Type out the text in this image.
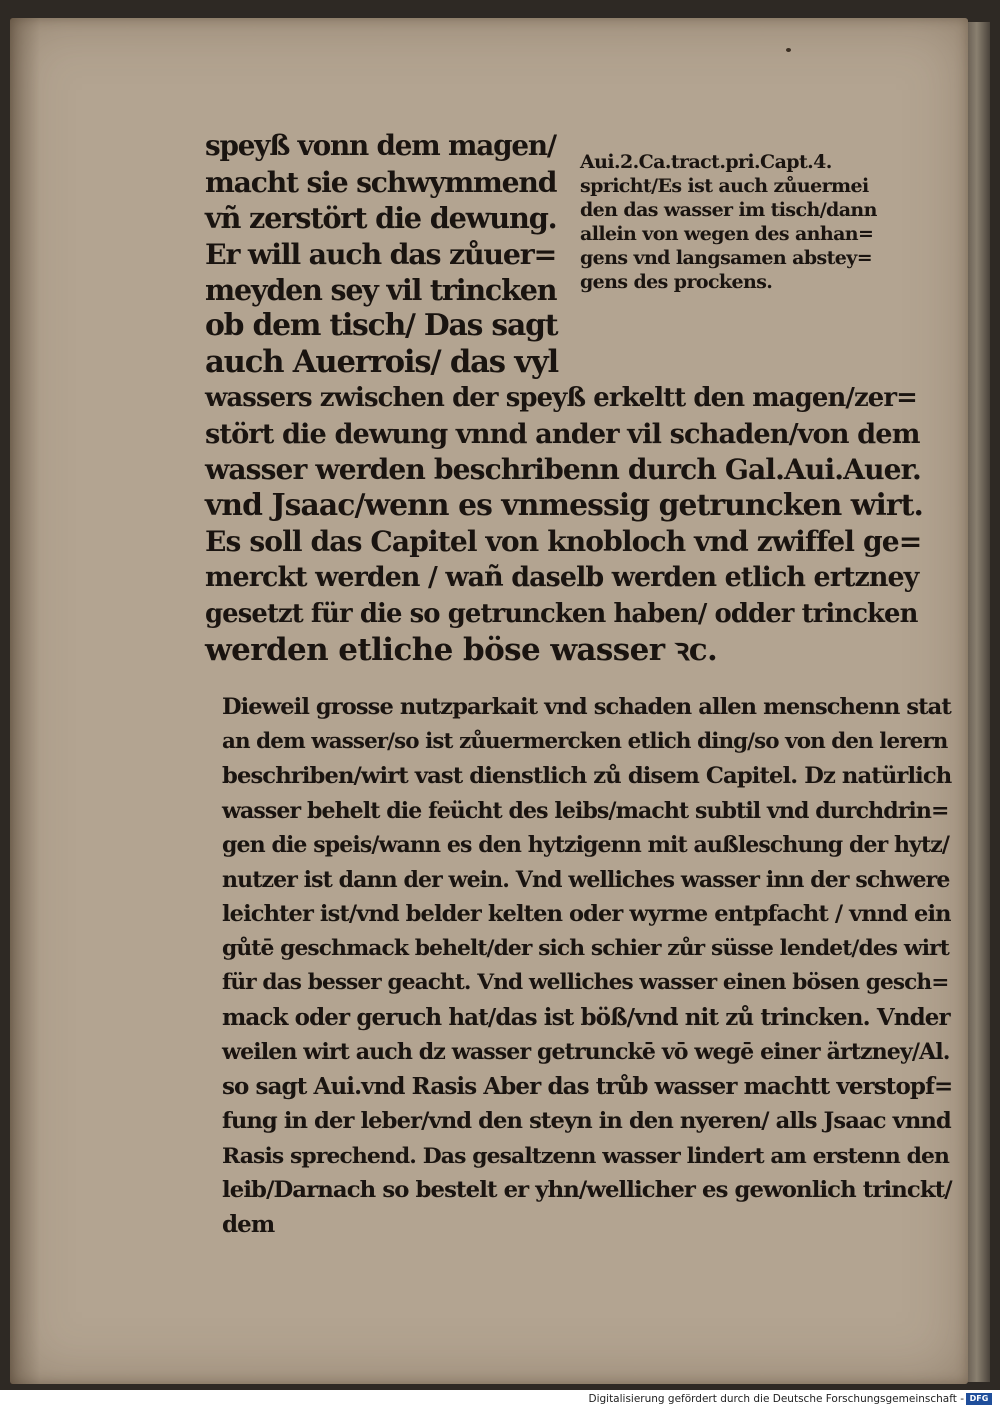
speyß vonn dem magen/
macht sie schwymmend
vñ zerstört die dewung.
Er will auch das zůuer=
meyden sey vil trincken
ob dem tisch/ Das sagt
auch Auerrois/ das vyl
wassers zwischen der speyß erkeltt den magen/zer=
stört die dewung vnnd ander vil schaden/von dem
wasser werden beschribenn durch Gal.Aui.Auer.
vnd Jsaac/wenn es vnmessig getruncken wirt.
Es soll das Capitel von knobloch vnd zwiffel ge=
merckt werden / wañ daselb werden etlich ertzney
gesetzt für die so getruncken haben/ odder trincken
werden etliche böse wasser ꝛc.
Aui.2.Ca.tract.pri.Capt.4.
spricht/Es ist auch zůuermei
den das wasser im tisch/dann
allein von wegen des anhan=
gens vnd langsamen abstey=
gens des prockens.
Dieweil grosse nutzparkait vnd schaden allen menschenn stat
an dem wasser/so ist zůuermercken etlich ding/so von den lerern
beschriben/wirt vast dienstlich zů disem Capitel. Dz natürlich
wasser behelt die feücht des leibs/macht subtil vnd durchdrin=
gen die speis/wann es den hytzigenn mit außleschung der hytz/
nutzer ist dann der wein. Vnd welliches wasser inn der schwere
leichter ist/vnd belder kelten oder wyrme entpfacht / vnnd ein
gůtē geschmack behelt/der sich schier zůr süsse lendet/des wirt
für das besser geacht. Vnd welliches wasser einen bösen gesch=
mack oder geruch hat/das ist böß/vnd nit zů trincken. Vnder
weilen wirt auch dz wasser getrunckē vō wegē einer ärtzney/Al.
so sagt Aui.vnd Rasis Aber das trůb wasser machtt verstopf=
fung in der leber/vnd den steyn in den nyeren/ alls Jsaac vnnd
Rasis sprechend. Das gesaltzenn wasser lindert am erstenn den
leib/Darnach so bestelt er yhn/wellicher es gewonlich trinckt/
dem
Digitalisierung gefördert durch die Deutsche Forschungsgemeinschaft - DFG
